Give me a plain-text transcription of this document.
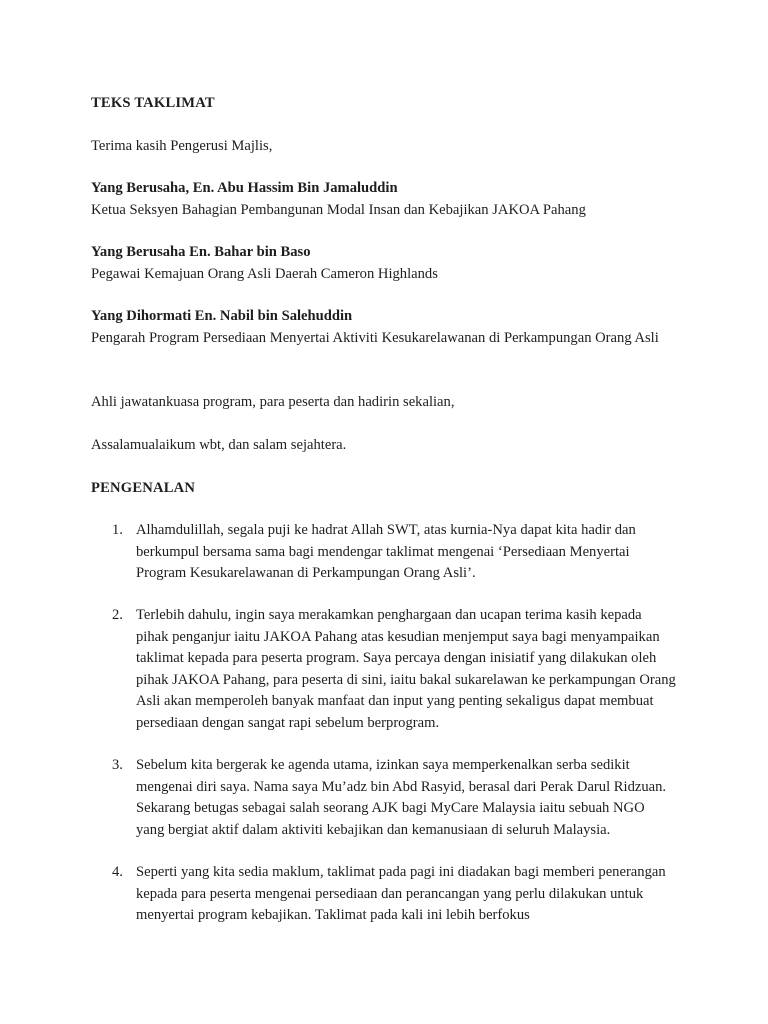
TEKS TAKLIMAT

Terima kasih Pengerusi Majlis,

Yang Berusaha, En. Abu Hassim Bin Jamaluddin

Ketua Seksyen Bahagian Pembangunan Modal Insan dan Kebajikan JAKOA Pahang

Yang Berusaha En. Bahar bin Baso

Pegawai Kemajuan Orang Asli Daerah Cameron Highlands

Yang Dihormati En. Nabil bin Salehuddin

Pengarah Program Persediaan Menyertai Aktiviti Kesukarelawanan di Perkampungan Orang Asli

Ahli jawatankuasa program, para peserta dan hadirin sekalian,

Assalamualaikum wbt, dan salam sejahtera.

PENGENALAN
1. Alhamdulillah, segala puji ke hadrat Allah SWT, atas kurnia-Nya dapat kita hadir dan berkumpul bersama sama bagi mendengar taklimat mengenai ‘Persediaan Menyertai Program Kesukarelawanan di Perkampungan Orang Asli’.
2. Terlebih dahulu, ingin saya merakamkan penghargaan dan ucapan terima kasih kepada pihak penganjur iaitu JAKOA Pahang atas kesudian menjemput saya bagi menyampaikan taklimat kepada para peserta program. Saya percaya dengan inisiatif yang dilakukan oleh pihak JAKOA Pahang, para peserta di sini, iaitu bakal sukarelawan ke perkampungan Orang Asli akan memperoleh banyak manfaat dan input yang penting sekaligus dapat membuat persediaan dengan sangat rapi sebelum berprogram.
3. Sebelum kita bergerak ke agenda utama, izinkan saya memperkenalkan serba sedikit mengenai diri saya. Nama saya Mu’adz bin Abd Rasyid, berasal dari Perak Darul Ridzuan. Sekarang betugas sebagai salah seorang AJK bagi MyCare Malaysia iaitu sebuah NGO yang bergiat aktif dalam aktiviti kebajikan dan kemanusiaan di seluruh Malaysia.
4. Seperti yang kita sedia maklum, taklimat pada pagi ini diadakan bagi memberi penerangan kepada para peserta mengenai persediaan dan perancangan yang perlu dilakukan untuk menyertai program kebajikan. Taklimat pada kali ini lebih berfokus
